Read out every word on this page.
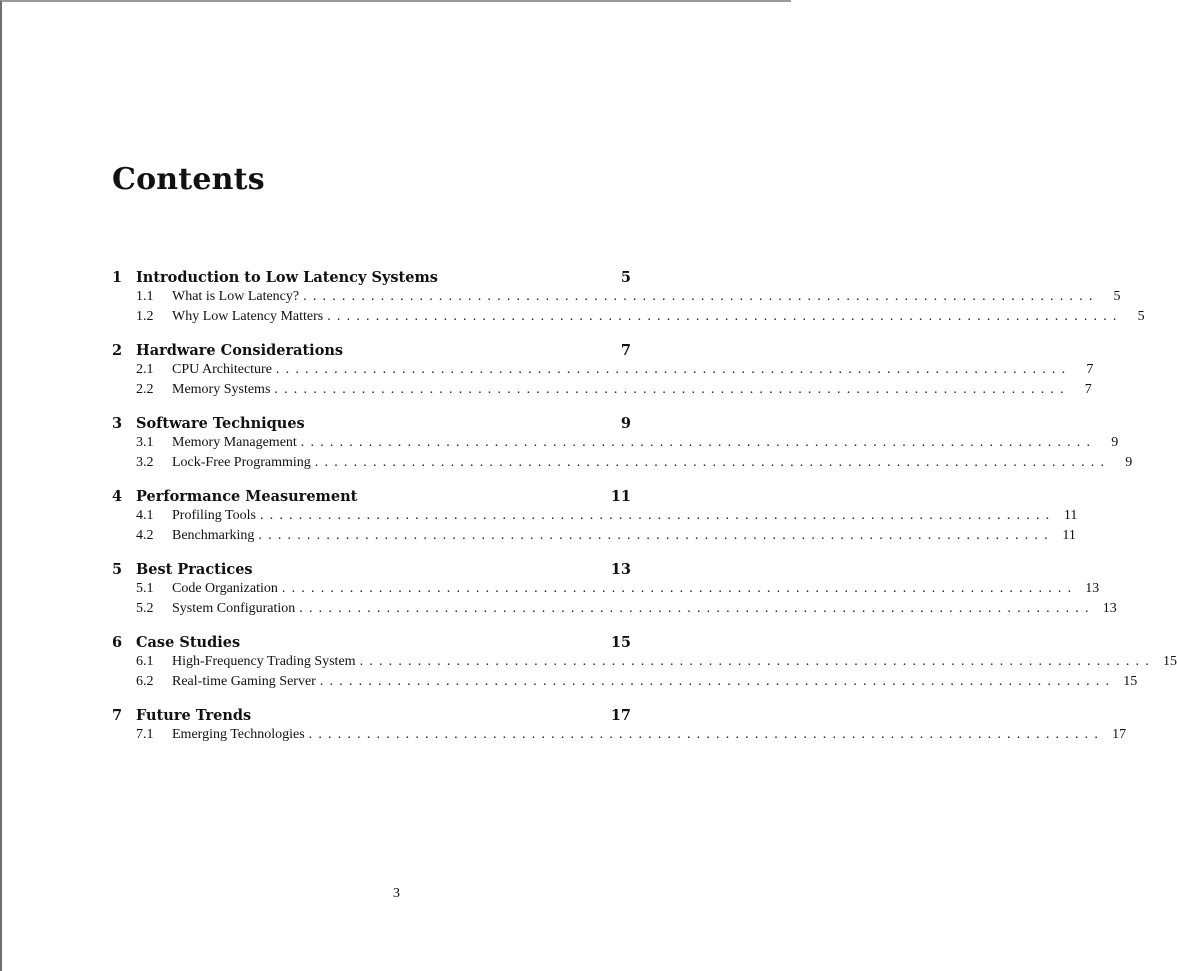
Contents
1 Introduction to Low Latency Systems	5
1.1	What is Low Latency? ..................................................................................	5
1.2	Why Low Latency Matters ..................................................................................	5
2 Hardware Considerations	7
2.1	CPU Architecture ..................................................................................	7
2.2	Memory Systems ..................................................................................	7
3 Software Techniques	9
3.1	Memory Management ..................................................................................	9
3.2	Lock-Free Programming ..................................................................................	9
4 Performance Measurement	11
4.1	Profiling Tools .................................................................................. 11
4.2	Benchmarking .................................................................................. 11
5 Best Practices	13
5.1	Code Organization .................................................................................. 13
5.2	System Configuration .................................................................................. 13
6 Case Studies	15
6.1	High-Frequency Trading System .................................................................................. 15
6.2	Real-time Gaming Server .................................................................................. 15
7 Future Trends	17
7.1	Emerging Technologies .................................................................................. 17
3
